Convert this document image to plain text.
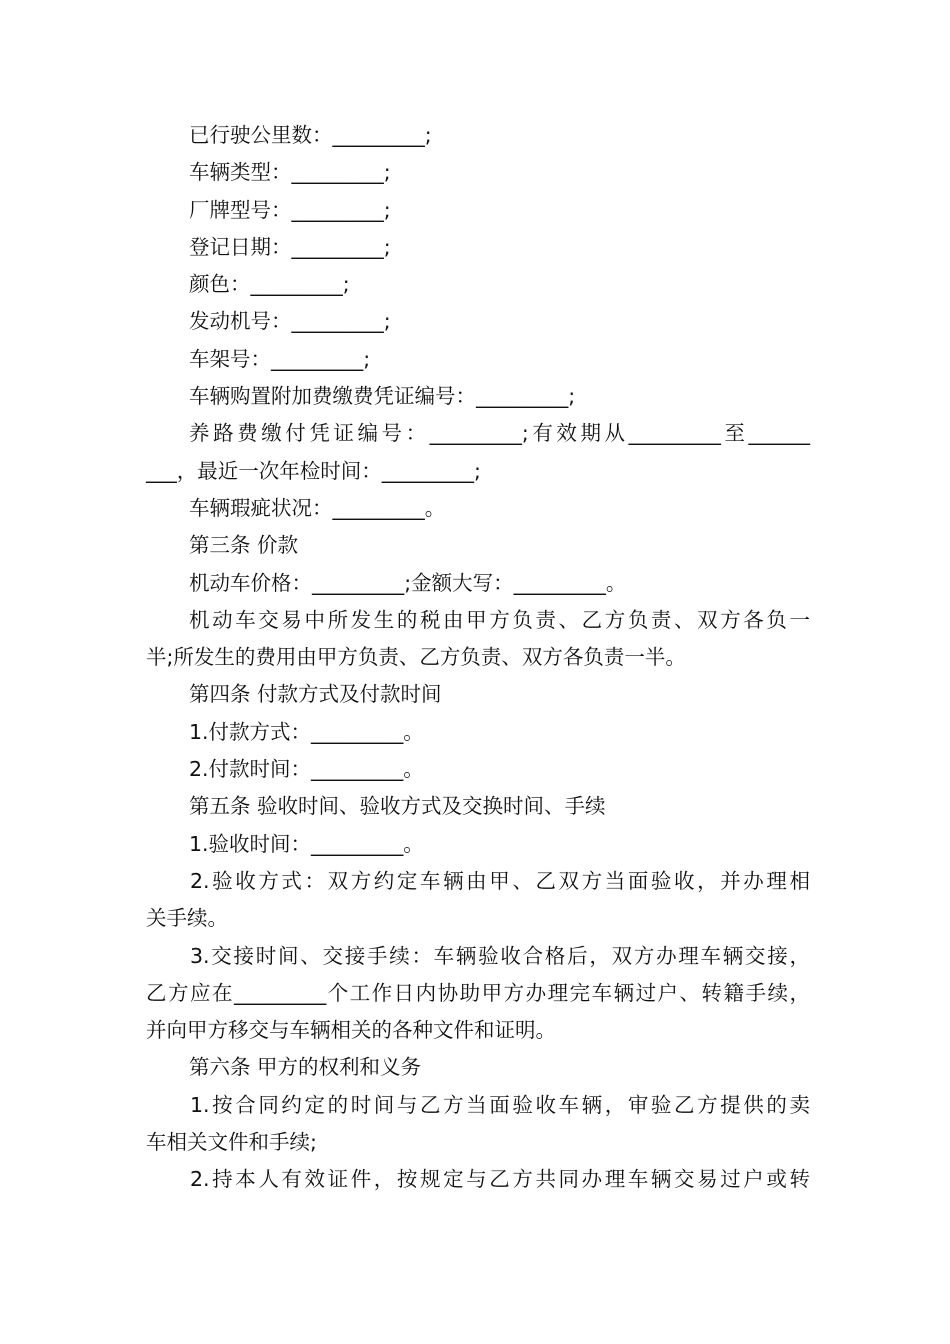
已行驶公里数：_________;
车辆类型：_________;
厂牌型号：_________;
登记日期：_________;
颜色：_________;
发动机号：_________;
车架号：_________;
车辆购置附加费缴费凭证编号：_________;
养路费缴付凭证编号：_________;有效期从_________至______
___，最近一次年检时间：_________;
车辆瑕疵状况：_________。
第三条 价款
机动车价格：_________;金额大写：_________。
机动车交易中所发生的税由甲方负责、乙方负责、双方各负一
半;所发生的费用由甲方负责、乙方负责、双方各负责一半。
第四条 付款方式及付款时间
1.付款方式：_________。
2.付款时间：_________。
第五条 验收时间、验收方式及交换时间、手续
1.验收时间：_________。
2.验收方式：双方约定车辆由甲、乙双方当面验收，并办理相
关手续。
3.交接时间、交接手续：车辆验收合格后，双方办理车辆交接，
乙方应在_________个工作日内协助甲方办理完车辆过户、转籍手续，
并向甲方移交与车辆相关的各种文件和证明。
第六条 甲方的权利和义务
1.按合同约定的时间与乙方当面验收车辆，审验乙方提供的卖
车相关文件和手续;
2.持本人有效证件，按规定与乙方共同办理车辆交易过户或转
